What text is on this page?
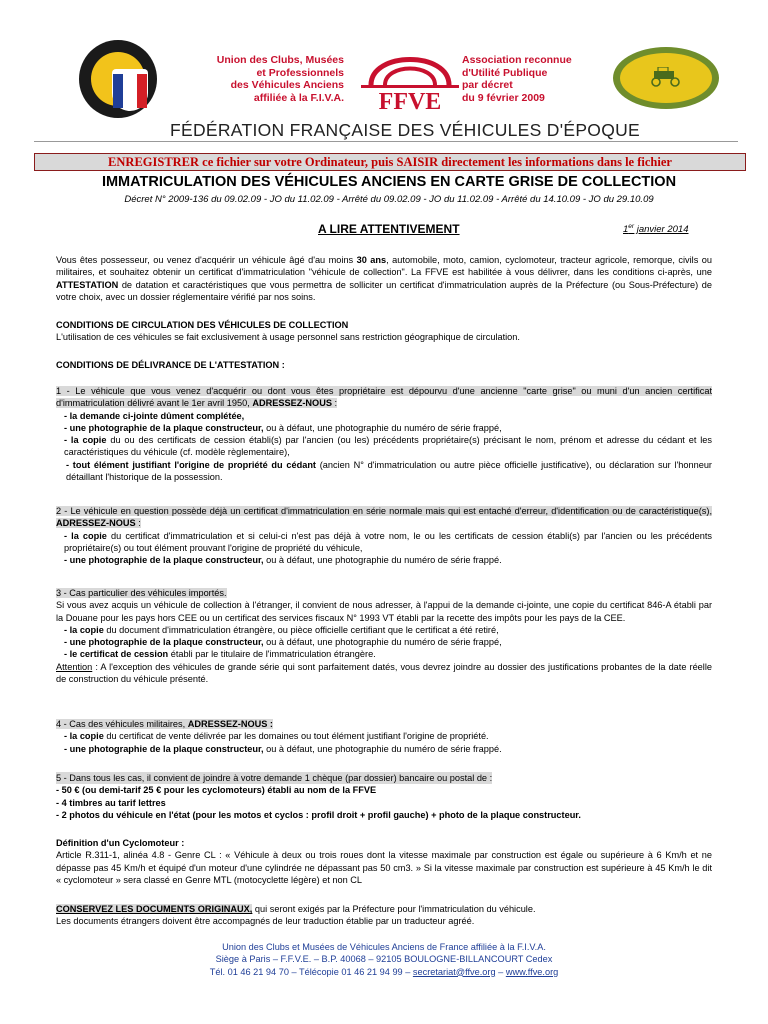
Union des Clubs, Musées
et Professionnels
des Véhicules Anciens
affiliée à la F.I.V.A. FFVE
Association reconnue
d'Utilité Publique
par décret
du 9 février 2009
FÉDÉRATION FRANÇAISE DES VÉHICULES D'ÉPOQUE
ENREGISTRER ce fichier sur votre Ordinateur, puis SAISIR directement les informations dans le fichier
IMMATRICULATION DES VÉHICULES ANCIENS EN CARTE GRISE DE COLLECTION
Décret N° 2009-136 du 09.02.09 - JO du 11.02.09 - Arrêté du 09.02.09 - JO du 11.02.09 - Arrêté du 14.10.09 - JO du 29.10.09
A LIRE ATTENTIVEMENT	1er janvier 2014
Vous êtes possesseur, ou venez d'acquérir un véhicule âgé d'au moins 30 ans, automobile, moto, camion, cyclomoteur, tracteur agricole, remorque, civils ou militaires, et souhaitez obtenir un certificat d'immatriculation "véhicule de collection". La FFVE est habilitée à vous délivrer, dans les conditions ci-après, une ATTESTATION de datation et caractéristiques que vous permettra de solliciter un certificat d'immatriculation auprès de la Préfecture (ou Sous-Préfecture) de votre choix, avec un dossier réglementaire vérifié par nos soins.
CONDITIONS DE CIRCULATION DES VÉHICULES DE COLLECTION
L'utilisation de ces véhicules se fait exclusivement à usage personnel sans restriction géographique de circulation.
CONDITIONS DE DÉLIVRANCE DE L'ATTESTATION :
1 - Le véhicule que vous venez d'acquérir ou dont vous êtes propriétaire est dépourvu d'une ancienne "carte grise" ou muni d'un ancien certificat d'immatriculation délivré avant le 1er avril 1950, ADRESSEZ-NOUS :
- la demande ci-jointe dûment complétée,
- une photographie de la plaque constructeur, ou à défaut, une photographie du numéro de série frappé,
- la copie du ou des certificats de cession établi(s) par l'ancien (ou les) précédents propriétaire(s) précisant le nom, prénom et adresse du cédant et les caractéristiques du véhicule (cf. modèle règlementaire),
- tout élément justifiant l'origine de propriété du cédant (ancien N° d'immatriculation ou autre pièce officielle justificative), ou déclaration sur l'honneur détaillant l'historique de la possession.
2 - Le véhicule en question possède déjà un certificat d'immatriculation en série normale mais qui est entaché d'erreur, d'identification ou de caractéristique(s), ADRESSEZ-NOUS :
- la copie du certificat d'immatriculation et si celui-ci n'est pas déjà à votre nom, le ou les certificats de cession établi(s) par l'ancien ou les précédents propriétaire(s) ou tout élément prouvant l'origine de propriété du véhicule,
- une photographie de la plaque constructeur, ou à défaut, une photographie du numéro de série frappé.
3 - Cas particulier des véhicules importés.
Si vous avez acquis un véhicule de collection à l'étranger, il convient de nous adresser, à l'appui de la demande ci-jointe, une copie du certificat 846-A établi par la Douane pour les pays hors CEE ou un certificat des services fiscaux N° 1993 VT établi par la recette des impôts pour les pays de la CEE.
- la copie du document d'immatriculation étrangère, ou pièce officielle certifiant que le certificat a été retiré,
- une photographie de la plaque constructeur, ou à défaut, une photographie du numéro de série frappé,
- le certificat de cession établi par le titulaire de l'immatriculation étrangère.
Attention : A l'exception des véhicules de grande série qui sont parfaitement datés, vous devrez joindre au dossier des justifications probantes de la date réelle de construction du véhicule présenté.
4 - Cas des véhicules militaires, ADRESSEZ-NOUS :
- la copie du certificat de vente délivrée par les domaines ou tout élément justifiant l'origine de propriété.
- une photographie de la plaque constructeur, ou à défaut, une photographie du numéro de série frappé.
5 - Dans tous les cas, il convient de joindre à votre demande 1 chèque (par dossier) bancaire ou postal de :
- 50 € (ou demi-tarif 25 € pour les cyclomoteurs) établi au nom de la FFVE
- 4 timbres au tarif lettres
- 2 photos du véhicule en l'état (pour les motos et cyclos : profil droit + profil gauche) + photo de la plaque constructeur.
Définition d'un Cyclomoteur :
Article R.311-1, alinéa 4.8 - Genre CL : « Véhicule à deux ou trois roues dont la vitesse maximale par construction est égale ou supérieure à 6 Km/h et ne dépasse pas 45 Km/h et équipé d'un moteur d'une cylindrée ne dépassant pas 50 cm3. » Si la vitesse maximale par construction est supérieure à 45 Km/h le dit « cyclomoteur » sera classé en Genre MTL (motocyclette légère) et non CL
CONSERVEZ LES DOCUMENTS ORIGINAUX, qui seront exigés par la Préfecture pour l'immatriculation du véhicule.
Les documents étrangers doivent être accompagnés de leur traduction établie par un traducteur agréé.
Union des Clubs et Musées de Véhicules Anciens de France affiliée à la F.I.V.A.
Siège à Paris – F.F.V.E. – B.P. 40068 – 92105 BOULOGNE-BILLANCOURT Cedex
Tél. 01 46 21 94 70 – Télécopie 01 46 21 94 99 – secretariat@ffve.org – www.ffve.org
